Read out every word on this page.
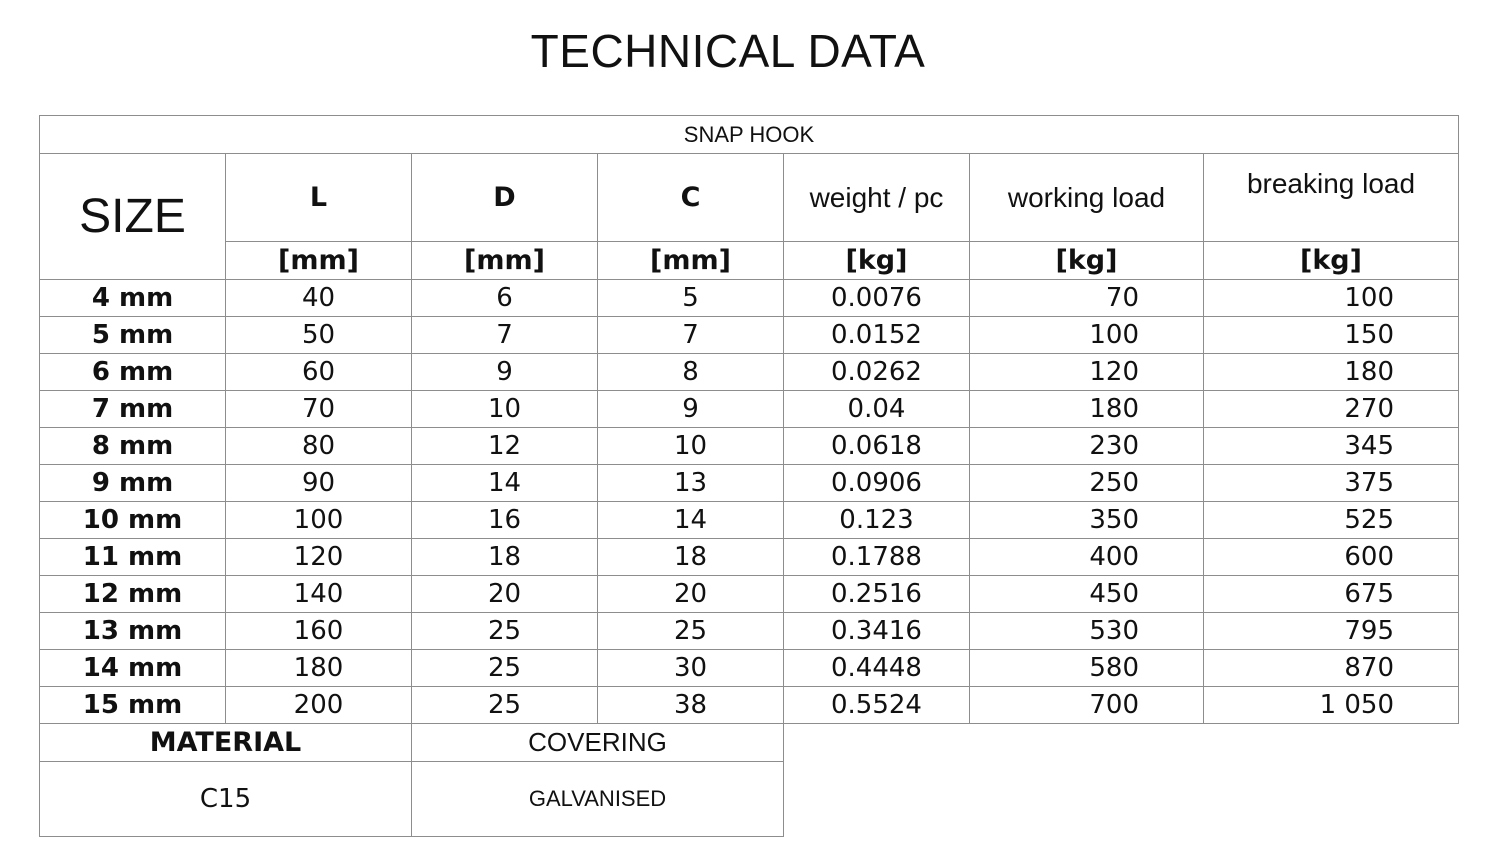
TECHNICAL DATA
SNAP HOOK						
SIZE	L	D	C	weight / pc	working load	breaking load
	[mm]	[mm]	[mm]	[kg]	[kg]	[kg]
4 mm	40	6	5	0.0076	70	100
5 mm	50	7	7	0.0152	100	150
6 mm	60	9	8	0.0262	120	180
7 mm	70	10	9	0.04	180	270
8 mm	80	12	10	0.0618	230	345
9 mm	90	14	13	0.0906	250	375
10 mm	100	16	14	0.123	350	525
11 mm	120	18	18	0.1788	400	600
12 mm	140	20	20	0.2516	450	675
13 mm	160	25	25	0.3416	530	795
14 mm	180	25	30	0.4448	580	870
15 mm	200	25	38	0.5524	700	1 050
MATERIAL		COVERING				
C15		GALVANISED				
